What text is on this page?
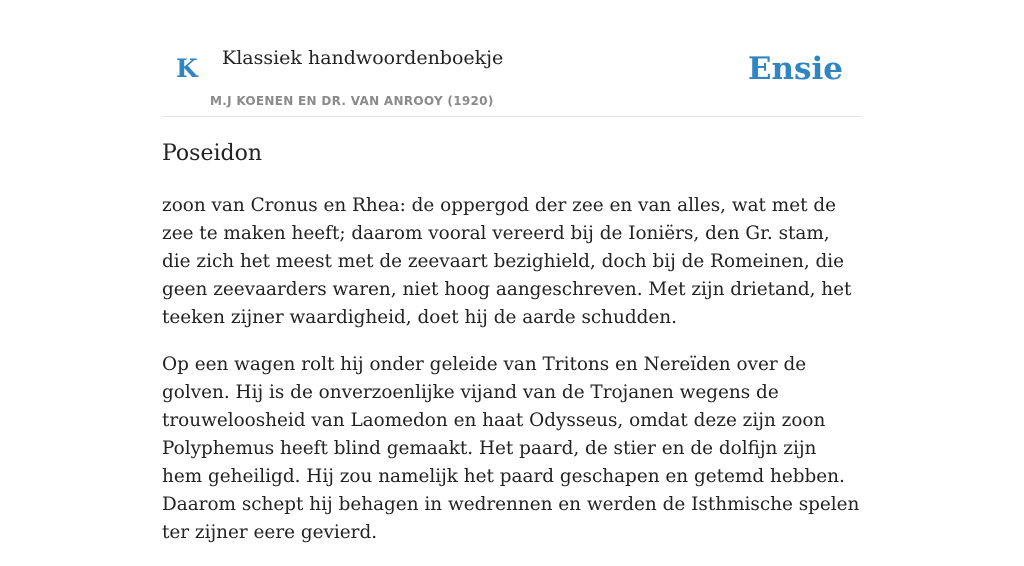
K Klassiek handwoordenboekje
M.J KOENEN EN DR. VAN ANROOY (1920)
Ensie
Poseidon

zoon van Cronus en Rhea: de oppergod der zee en van alles, wat met de zee te maken heeft; daarom vooral vereerd bij de Ioniërs, den Gr. stam, die zich het meest met de zeevaart bezighield, doch bij de Romeinen, die geen zeevaarders waren, niet hoog aangeschreven. Met zijn drietand, het teeken zijner waardigheid, doet hij de aarde schudden.

Op een wagen rolt hij onder geleide van Tritons en Nereïden over de golven. Hij is de onverzoenlijke vijand van de Trojanen wegens de trouweloosheid van Laomedon en haat Odysseus, omdat deze zijn zoon Polyphemus heeft blind gemaakt. Het paard, de stier en de dolfijn zijn hem geheiligd. Hij zou namelijk het paard geschapen en getemd hebben. Daarom schept hij behagen in wedrennen en werden de Isthmische spelen ter zijner eere gevierd.
